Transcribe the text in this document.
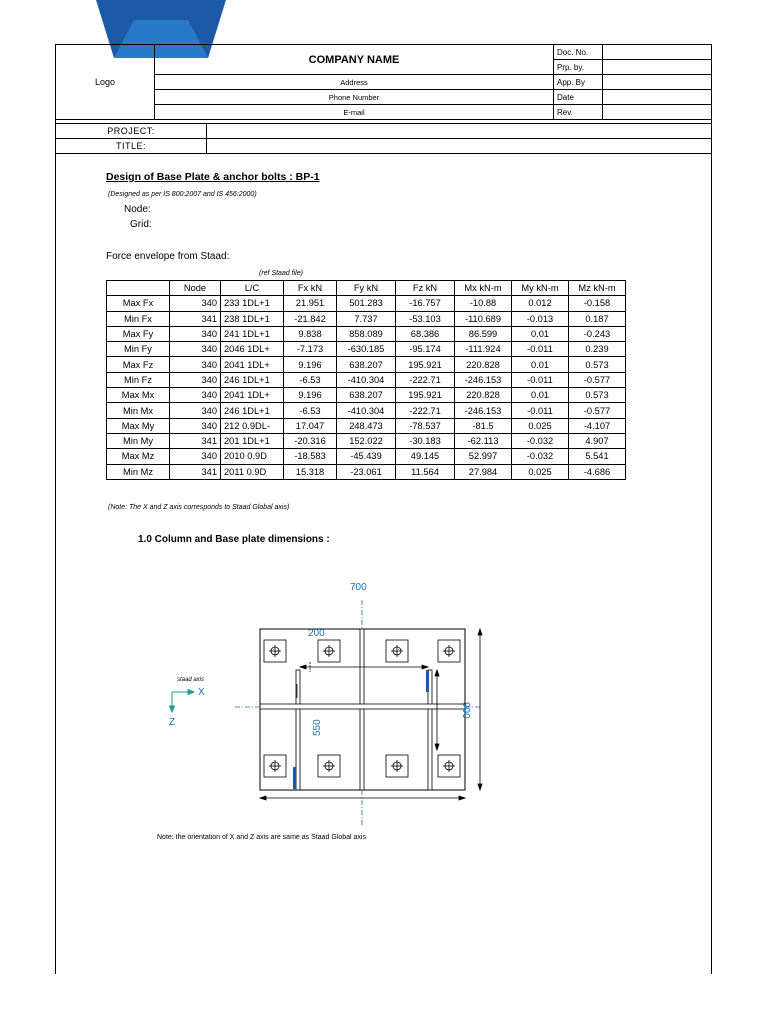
Logo	COMPANY NAME	Doc. No.	
		Prp. by.	
	Address	App. By	
	Phone Number	Date	
	E-mail	Rev.	
PROJECT:	
TITLE:	
Design of Base Plate & anchor bolts : BP-1
(Designed as per IS 800:2007 and IS 456:2000)
Node:
Grid:
Force envelope from Staad:
(ref Staad file)
	Node	L/C	Fx kN	Fy kN	Fz kN	Mx kN-m	My kN-m	Mz kN-m
Max Fx	340	233 1DL+1	21.951	501.283	-16.757	-10.88	0.012	-0.158
Min Fx	341	238 1DL+1	-21.842	7.737	-53.103	-110.689	-0.013	0.187
Max Fy	340	241 1DL+1	9.838	858.089	68.386	86.599	0.01	-0.243
Min Fy	340	2046 1DL+	-7.173	-630.185	-95.174	-111.924	-0.011	0.239
Max Fz	340	2041 1DL+	9.196	638.207	195.921	220.828	0.01	0.573
Min Fz	340	246 1DL+1	-6.53	-410.304	-222.71	-246.153	-0.011	-0.577
Max Mx	340	2041 1DL+	9.196	638.207	195.921	220.828	0.01	0.573
Min Mx	340	246 1DL+1	-6.53	-410.304	-222.71	-246.153	-0.011	-0.577
Max My	340	212 0.9DL-	17.047	248.473	-78.537	-81.5	0.025	-4.107
Min My	341	201 1DL+1	-20.316	152.022	-30.183	-62.113	-0.032	4.907
Max Mz	340	2010 0.9D	-18.583	-45.439	49.145	52.997	-0.032	5.541
Min Mz	341	2011 0.9D	15.318	-23.061	11.564	27.984	0.025	-4.686
(Note: The X and Z axis corresponds to Staad Global axis)
1.0 Column and Base plate dimensions :
700
200
550
900
staad axis
X
Z
Note: the orientation of X and Z axis are same as Staad Global axis
